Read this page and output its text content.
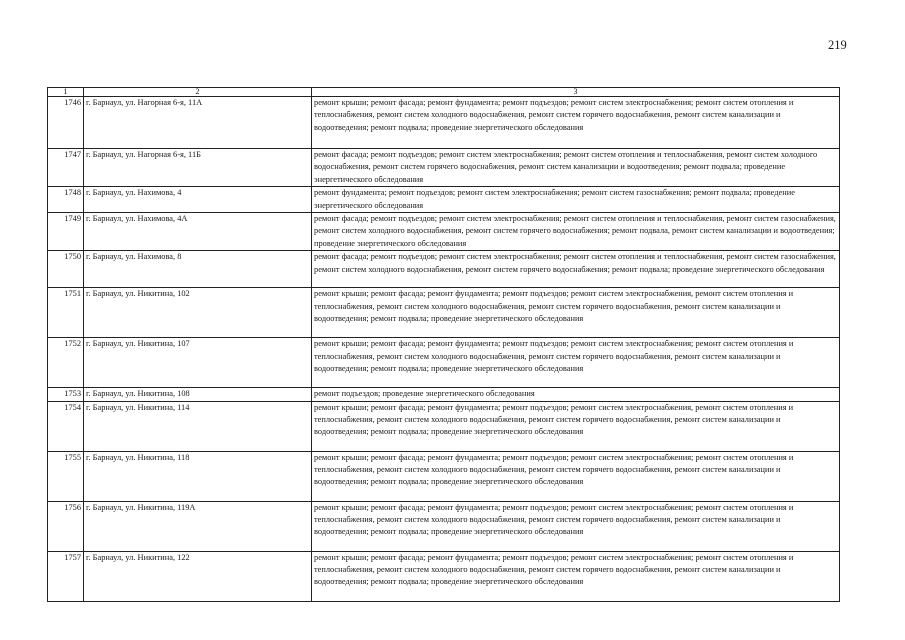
219
1	2	3
1746	г. Барнаул, ул. Нагорная 6-я, 11А	ремонт крыши; ремонт фасада; ремонт фундамента; ремонт подъездов; ремонт систем электроснабжения; ремонт систем отопления и теплоснабжения, ремонт систем холодного водоснабжения, ремонт систем горячего водоснабжения, ремонт систем канализации и водоотведения; ремонт подвала; проведение энергетического обследования
1747	г. Барнаул, ул. Нагорная 6-я, 11Б	ремонт фасада; ремонт подъездов; ремонт систем электроснабжения; ремонт систем отопления и теплоснабжения, ремонт систем холодного водоснабжения, ремонт систем горячего водоснабжения, ремонт систем канализации и водоотведения; ремонт подвала; проведение энергетического обследования
1748	г. Барнаул, ул. Нахимова, 4	ремонт фундамента; ремонт подъездов; ремонт систем электроснабжения; ремонт систем газоснабжения; ремонт подвала; проведение энергетического обследования
1749	г. Барнаул, ул. Нахимова, 4А	ремонт фасада; ремонт подъездов; ремонт систем электроснабжения; ремонт систем отопления и теплоснабжения, ремонт систем газоснабжения, ремонт систем холодного водоснабжения, ремонт систем горячего водоснабжения; ремонт подвала, ремонт систем канализации и водоотведения; проведение энергетического обследования
1750	г. Барнаул, ул. Нахимова, 8	ремонт фасада; ремонт подъездов; ремонт систем электроснабжения; ремонт систем отопления и теплоснабжения, ремонт систем газоснабжения, ремонт систем холодного водоснабжения, ремонт систем горячего водоснабжения; ремонт подвала; проведение энергетического обследования
1751	г. Барнаул, ул. Никитина, 102	ремонт крыши; ремонт фасада; ремонт фундамента; ремонт подъездов; ремонт систем электроснабжения, ремонт систем отопления и теплоснабжения, ремонт систем холодного водоснабжения, ремонт систем горячего водоснабжения, ремонт систем канализации и водоотведения; ремонт подвала; проведение энергетического обследования
1752	г. Барнаул, ул. Никитина, 107	ремонт крыши; ремонт фасада; ремонт фундамента; ремонт подъездов; ремонт систем электроснабжения; ремонт систем отопления и теплоснабжения, ремонт систем холодного водоснабжения, ремонт систем горячего водоснабжения, ремонт систем канализации и водоотведения; ремонт подвала; проведение энергетического обследования
1753	г. Барнаул, ул. Никитина, 108	ремонт подъездов; проведение энергетического обследования
1754	г. Барнаул, ул. Никитина, 114	ремонт крыши; ремонт фасада; ремонт фундамента; ремонт подъездов; ремонт систем электроснабжения, ремонт систем отопления и теплоснабжения, ремонт систем холодного водоснабжения, ремонт систем горячего водоснабжения, ремонт систем канализации и водоотведения; ремонт подвала; проведение энергетического обследования
1755	г. Барнаул, ул. Никитина, 118	ремонт крыши; ремонт фасада; ремонт фундамента; ремонт подъездов; ремонт систем электроснабжения; ремонт систем отопления и теплоснабжения, ремонт систем холодного водоснабжения, ремонт систем горячего водоснабжения, ремонт систем канализации и водоотведения; ремонт подвала; проведение энергетического обследования
1756	г. Барнаул, ул. Никитина, 119А	ремонт крыши; ремонт фасада; ремонт фундамента; ремонт подъездов; ремонт систем электроснабжения; ремонт систем отопления и теплоснабжения, ремонт систем холодного водоснабжения, ремонт систем горячего водоснабжения, ремонт систем канализации и водоотведения; ремонт подвала; проведение энергетического обследования
1757	г. Барнаул, ул. Никитина, 122	ремонт крыши; ремонт фасада; ремонт фундамента; ремонт подъездов; ремонт систем электроснабжения; ремонт систем отопления и теплоснабжения, ремонт систем холодного водоснабжения, ремонт систем горячего водоснабжения, ремонт систем канализации и водоотведения; ремонт подвала; проведение энергетического обследования
